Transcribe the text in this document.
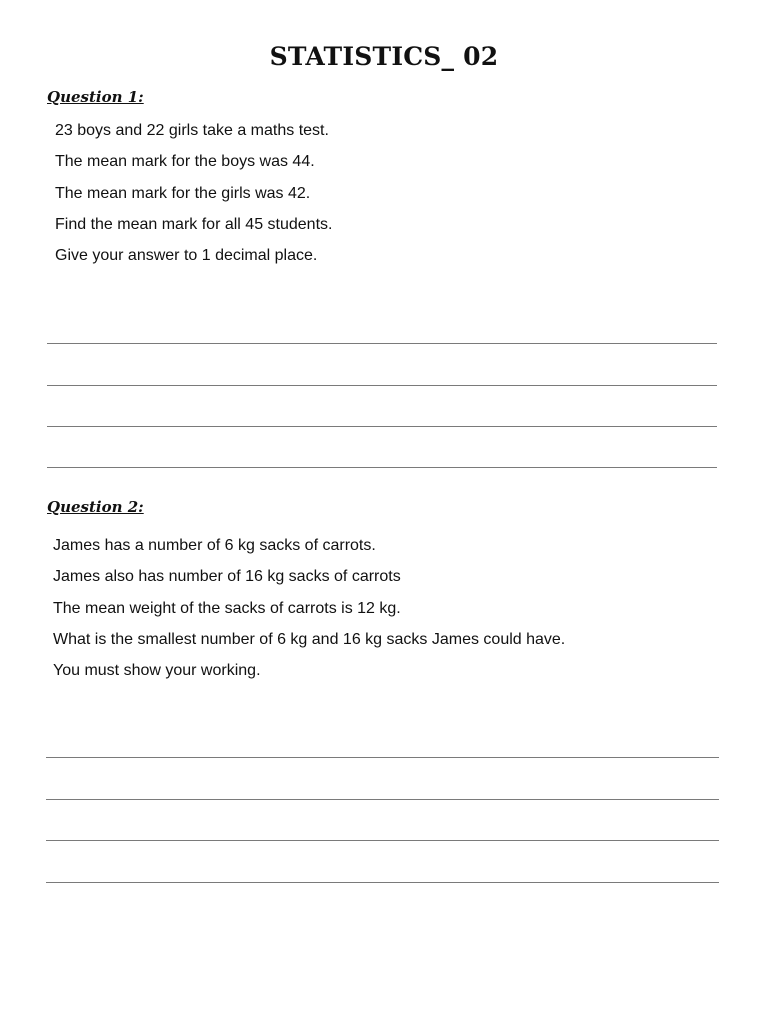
STATISTICS_ 02
Question 1:
23 boys and 22 girls take a maths test.
The mean mark for the boys was 44.
The mean mark for the girls was 42.
Find the mean mark for all 45 students.
Give your answer to 1 decimal place.
Question 2:
James has a number of 6 kg sacks of carrots.
James also has number of 16 kg sacks of carrots
The mean weight of the sacks of carrots is 12 kg.
What is the smallest number of 6 kg and 16 kg sacks James could have.
You must show your working.
